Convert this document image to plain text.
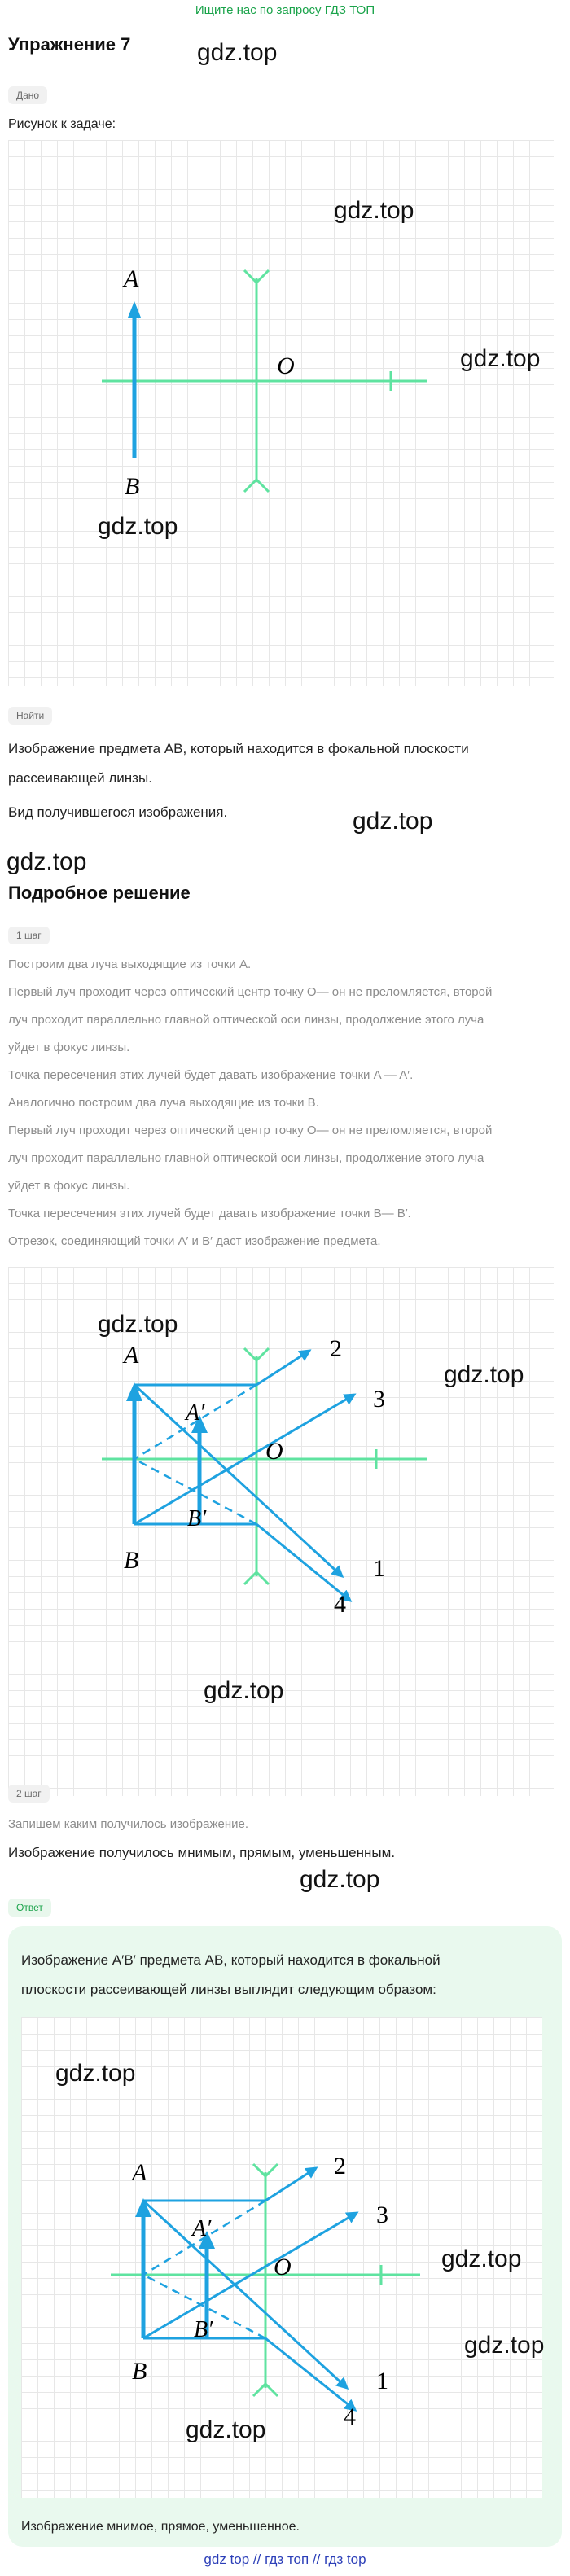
Ищите нас по запросу ГДЗ ТОП
Упражнение 7	gdz.top
Дано
Рисунок к задаче:
A
B
O
gdz.top
gdz.top
gdz.top
Найти
Изображение предмета AB, который находится в фокальной плоскости
рассеивающей линзы.
Вид получившегося изображения.	gdz.top
gdz.top
Подробное решение
1 шаг
Построим два луча выходящие из точки A.
Первый луч проходит через оптический центр точку O— он не преломляется, второй
луч проходит параллельно главной оптической оси линзы, продолжение этого луча
уйдет в фокус линзы.
Точка пересечения этих лучей будет давать изображение точки A — A′.
Аналогично построим два луча выходящие из точки B.
Первый луч проходит через оптический центр точку O— он не преломляется, второй
луч проходит параллельно главной оптической оси линзы, продолжение этого луча
уйдет в фокус линзы.
Точка пересечения этих лучей будет давать изображение точки B— B′.
Отрезок, соединяющий точки A′ и B′ даст изображение предмета.
A
A′
B′
B
O
2
3
1
4
gdz.top
gdz.top
gdz.top
2 шаг
Запишем каким получилось изображение.
Изображение получилось мнимым, прямым, уменьшенным.
gdz.top
Ответ
Изображение A′B′ предмета AB, который находится в фокальной
плоскости рассеивающей линзы выглядит следующим образом:
A
A′
B′
B
O
2
3
1
4
gdz.top
gdz.top
gdz.top
gdz.top
Изображение мнимое, прямое, уменьшенное.
gdz top // гдз топ // гдз top
